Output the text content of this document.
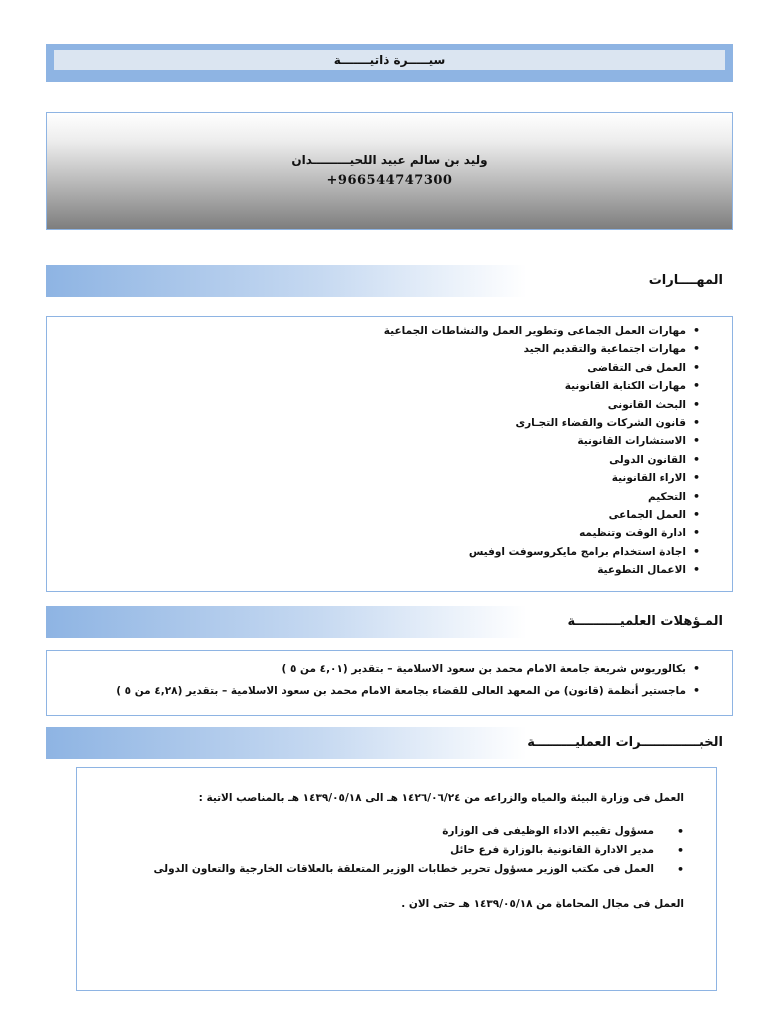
سيـــــرة ذاتيـــــــة
وليد بن سالم عبيد اللحيـــــــــدان
+966544747300
المهــــارات
• مهارات العمل الجماعى وتطوير العمل والنشاطات الجماعية
• مهارات اجتماعية والتقديم الجيد
• العمل فى التقاضى
• مهارات الكتابة القانونية
• البحث القانونى
• قانون الشركات والقضاء التجـارى
• الاستشارات القانونية
• القانون الدولى
• الاراء القانونية
• التحكيم
• العمل الجماعى
• ادارة الوقت وتنظيمه
• اجادة استخدام برامج مايكروسوفت اوفيس
• الاعمال التطوعية
المـؤهلات العلميــــــــــة
• بكالوريوس شريعة جامعة الامام محمد بن سعود الاسلامية – بتقدير (٤,٠١ من ٥ )
• ماجستير أنظمة (قانون) من المعهد العالى للقضاء بجامعة الامام محمد بن سعود الاسلامية – بتقدير (٤,٢٨ من ٥ )
الخبـــــــــــــرات العمليـــــــــة
العمل فى وزارة البيئة والمياه والزراعه من ١٤٢٦/٠٦/٢٤ هـ الى ١٤٣٩/٠٥/١٨ هـ بالمناصب الاتية :
• مسؤول تقييم الاداء الوظيفى فى الوزارة
• مدير الادارة القانونية بالوزارة فرع حائل
• العمل فى مكتب الوزير مسؤول تحرير خطابات الوزير المتعلقة بالعلاقات الخارجية والتعاون الدولى
العمل فى مجال المحاماة من ١٤٣٩/٠٥/١٨ هـ حتى الان .
